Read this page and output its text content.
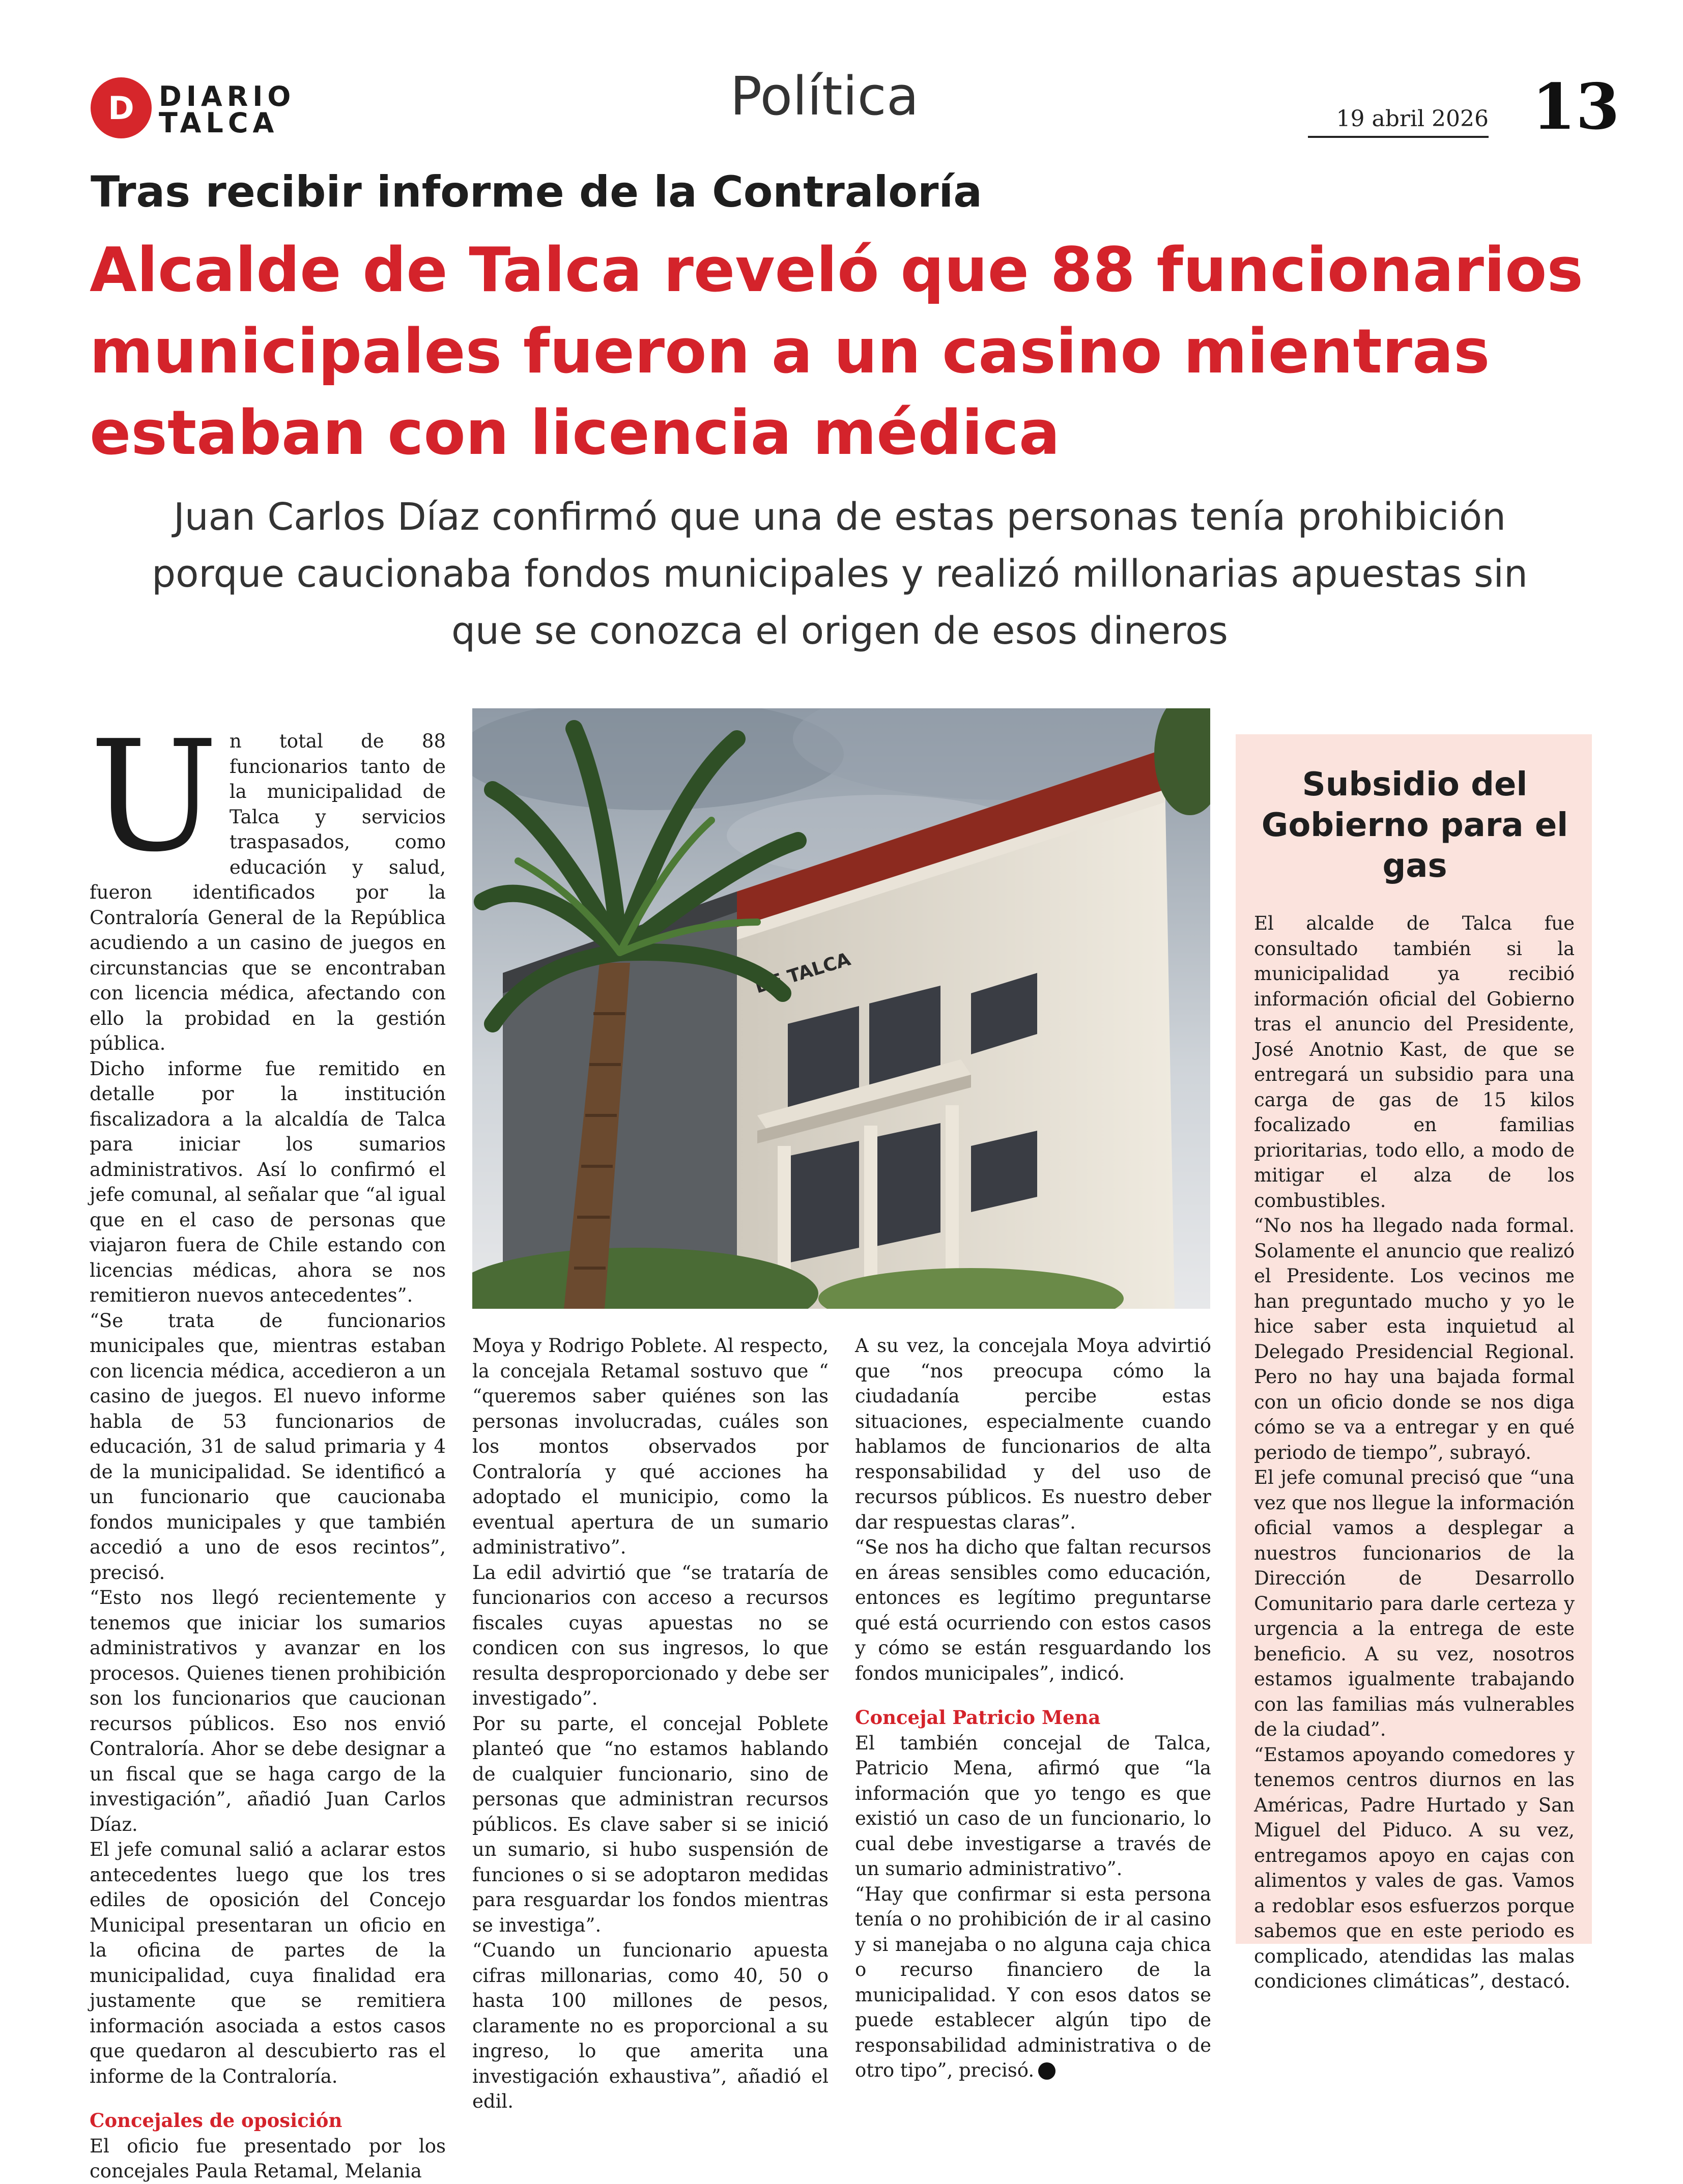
D DIARIO
TALCA	Política	19 abril 2026 13
Tras recibir informe de la Contraloría
Alcalde de Talca reveló que 88 funcionarios municipales fueron a un casino mientras estaban con licencia médica

Juan Carlos Díaz confirmó que una de estas personas tenía prohibición porque caucionaba fondos municipales y realizó millonarias apuestas sin que se conozca el origen de esos dineros

U n total de 88 funcionarios tanto de la municipalidad de Talca y servicios traspasados, como educación y salud, fueron identificados por la Contraloría General de la República acudiendo a un casino de juegos en circunstancias que se encontraban con licencia médica, afectando con ello la probidad en la gestión pública.

Dicho informe fue remitido en detalle por la institución fiscalizadora a la alcaldía de Talca para iniciar los sumarios administrativos. Así lo confirmó el jefe comunal, al señalar que “al igual que en el caso de personas que viajaron fuera de Chile estando con licencias médicas, ahora se nos remitieron nuevos antecedentes”.

“Se trata de funcionarios municipales que, mientras estaban con licencia médica, accedieron a un casino de juegos. El nuevo informe habla de 53 funcionarios de educación, 31 de salud primaria y 4 de la municipalidad. Se identificó a un funcionario que caucionaba fondos municipales y que también accedió a uno de esos recintos”, precisó.

“Esto nos llegó recientemente y tenemos que iniciar los sumarios administrativos y avanzar en los procesos. Quienes tienen prohibición son los funcionarios que caucionan recursos públicos. Eso nos envió Contraloría. Ahor se debe designar a un fiscal que se haga cargo de la investigación”, añadió Juan Carlos Díaz.

El jefe comunal salió a aclarar estos antecedentes luego que los tres ediles de oposición del Concejo Municipal presentaran un oficio en la oficina de partes de la municipalidad, cuya finalidad era justamente que se remitiera información asociada a estos casos que quedaron al descubierto ras el informe de la Contraloría.

Concejales de oposición

El oficio fue presentado por los concejales Paula Retamal, Melania

DE TALCA

Moya y Rodrigo Poblete. Al respecto, la concejala Retamal sostuvo que “ “queremos saber quiénes son las personas involucradas, cuáles son los montos observados por Contraloría y qué acciones ha adoptado el municipio, como la eventual apertura de un sumario administrativo”.

La edil advirtió que “se trataría de funcionarios con acceso a recursos fiscales cuyas apuestas no se condicen con sus ingresos, lo que resulta desproporcionado y debe ser investigado”.

Por su parte, el concejal Poblete planteó que “no estamos hablando de cualquier funcionario, sino de personas que administran recursos públicos. Es clave saber si se inició un sumario, si hubo suspensión de funciones o si se adoptaron medidas para resguardar los fondos mientras se investiga”.

“Cuando un funcionario apuesta cifras millonarias, como 40, 50 o hasta 100 millones de pesos, claramente no es proporcional a su ingreso, lo que amerita una investigación exhaustiva”, añadió el edil.

A su vez, la concejala Moya advirtió que “nos preocupa cómo la ciudadanía percibe estas situaciones, especialmente cuando hablamos de funcionarios de alta responsabilidad y del uso de recursos públicos. Es nuestro deber dar respuestas claras”.

“Se nos ha dicho que faltan recursos en áreas sensibles como educación, entonces es legítimo preguntarse qué está ocurriendo con estos casos y cómo se están resguardando los fondos municipales”, indicó.

Concejal Patricio Mena

El también concejal de Talca, Patricio Mena, afirmó que “la información que yo tengo es que existió un caso de un funcionario, lo cual debe investigarse a través de un sumario administrativo”.

“Hay que confirmar si esta persona tenía o no prohibición de ir al casino y si manejaba o no alguna caja chica o recurso financiero de la municipalidad. Y con esos datos se puede establecer algún tipo de responsabilidad administrativa o de otro tipo”, precisó.

Subsidio del Gobierno para el gas

El alcalde de Talca fue consultado también si la municipalidad ya recibió información oficial del Gobierno tras el anuncio del Presidente, José Anotnio Kast, de que se entregará un subsidio para una carga de gas de 15 kilos focalizado en familias prioritarias, todo ello, a modo de mitigar el alza de los combustibles.

“No nos ha llegado nada formal. Solamente el anuncio que realizó el Presidente. Los vecinos me han preguntado mucho y yo le hice saber esta inquietud al Delegado Presidencial Regional. Pero no hay una bajada formal con un oficio donde se nos diga cómo se va a entregar y en qué periodo de tiempo”, subrayó.

El jefe comunal precisó que “una vez que nos llegue la información oficial vamos a desplegar a nuestros funcionarios de la Dirección de Desarrollo Comunitario para darle certeza y urgencia a la entrega de este beneficio. A su vez, nosotros estamos igualmente trabajando con las familias más vulnerables de la ciudad”.

“Estamos apoyando comedores y tenemos centros diurnos en las Américas, Padre Hurtado y San Miguel del Piduco. A su vez, entregamos apoyo en cajas con alimentos y vales de gas. Vamos a redoblar esos esfuerzos porque sabemos que en este periodo es complicado, atendidas las malas condiciones climáticas”, destacó.
